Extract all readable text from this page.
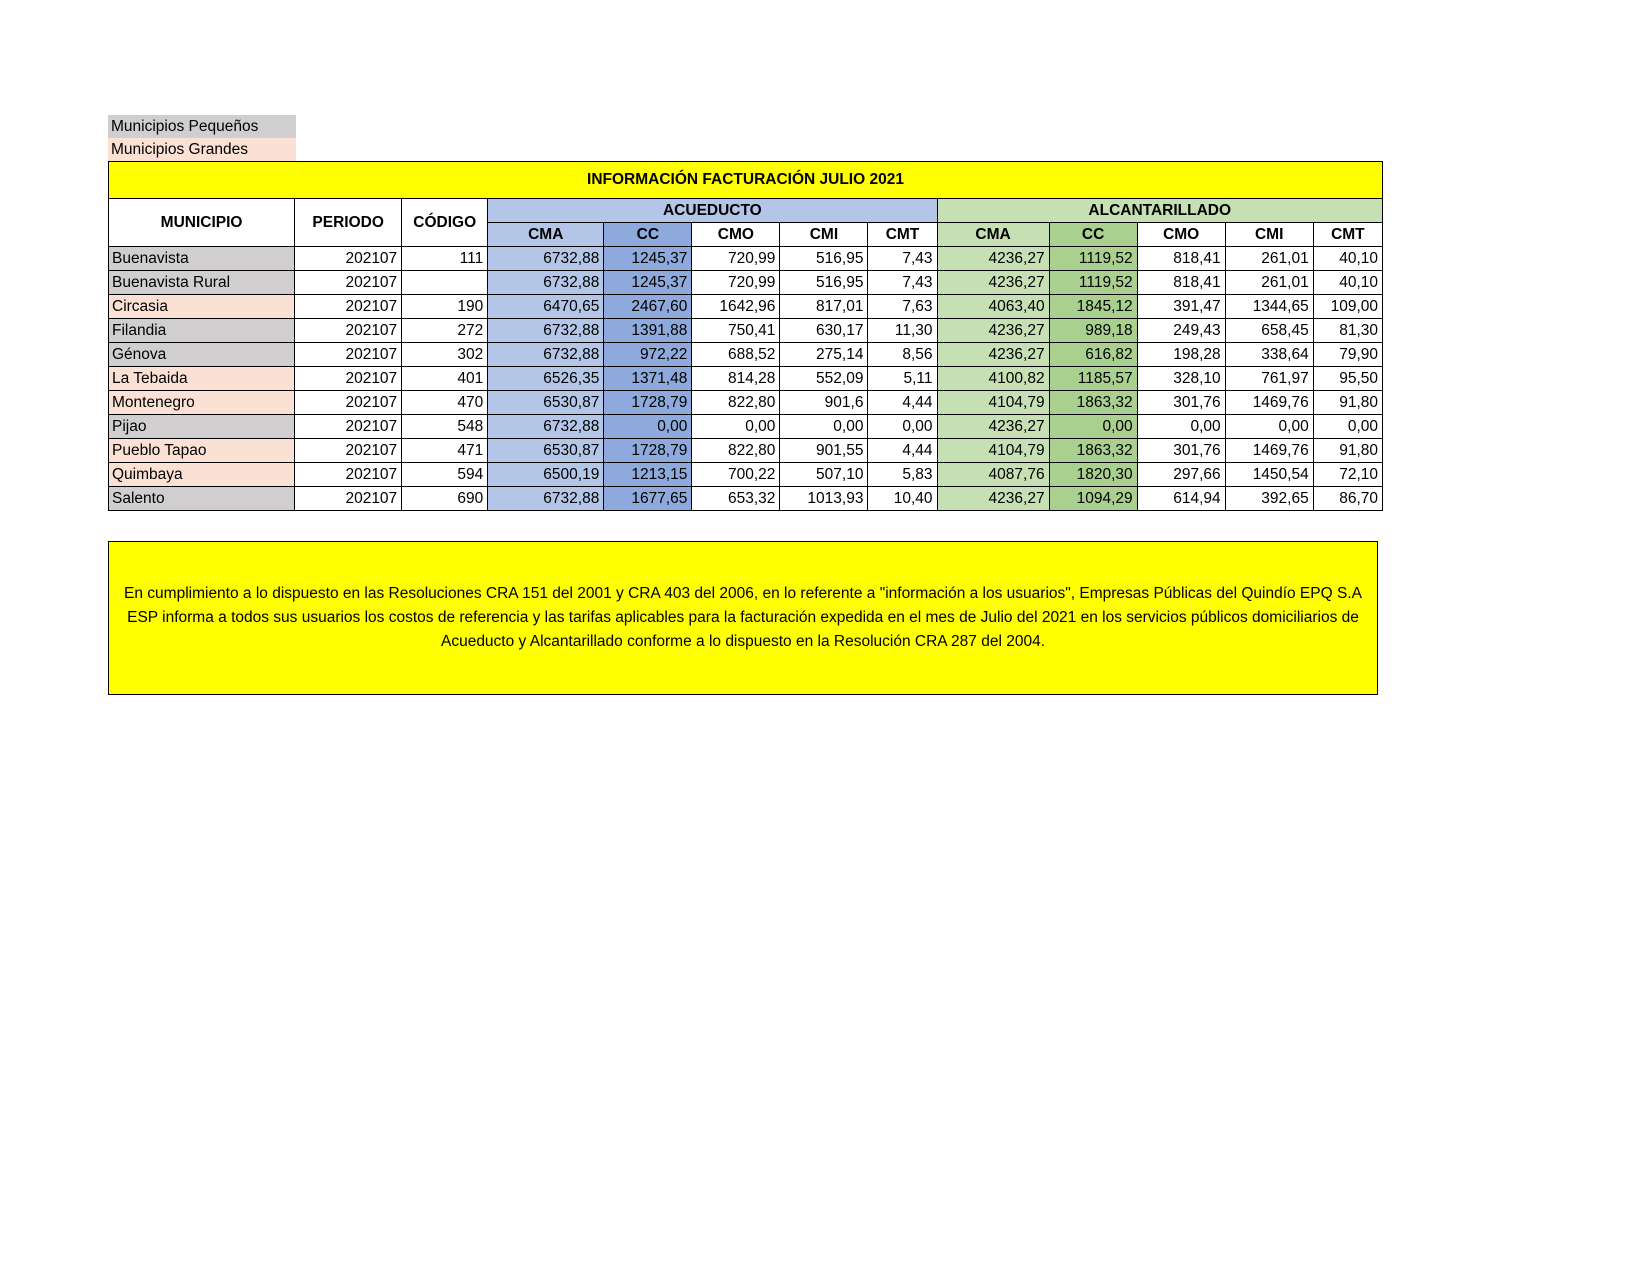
Municipios Pequeños
Municipios Grandes
INFORMACIÓN FACTURACIÓN JULIO 2021												
MUNICIPIO	PERIODO	CÓDIGO	ACUEDUCTO					ALCANTARILLADO				
			CMA	CC	CMO	CMI	CMT	CMA	CC	CMO	CMI	CMT
Buenavista	202107	111	6732,88	1245,37	720,99	516,95	7,43	4236,27	1119,52	818,41	261,01	40,10
Buenavista Rural	202107		6732,88	1245,37	720,99	516,95	7,43	4236,27	1119,52	818,41	261,01	40,10
Circasia	202107	190	6470,65	2467,60	1642,96	817,01	7,63	4063,40	1845,12	391,47	1344,65	109,00
Filandia	202107	272	6732,88	1391,88	750,41	630,17	11,30	4236,27	989,18	249,43	658,45	81,30
Génova	202107	302	6732,88	972,22	688,52	275,14	8,56	4236,27	616,82	198,28	338,64	79,90
La Tebaida	202107	401	6526,35	1371,48	814,28	552,09	5,11	4100,82	1185,57	328,10	761,97	95,50
Montenegro	202107	470	6530,87	1728,79	822,80	901,6	4,44	4104,79	1863,32	301,76	1469,76	91,80
Pijao	202107	548	6732,88	0,00	0,00	0,00	0,00	4236,27	0,00	0,00	0,00	0,00
Pueblo Tapao	202107	471	6530,87	1728,79	822,80	901,55	4,44	4104,79	1863,32	301,76	1469,76	91,80
Quimbaya	202107	594	6500,19	1213,15	700,22	507,10	5,83	4087,76	1820,30	297,66	1450,54	72,10
Salento	202107	690	6732,88	1677,65	653,32	1013,93	10,40	4236,27	1094,29	614,94	392,65	86,70
En cumplimiento a lo dispuesto en las Resoluciones CRA 151 del 2001 y CRA 403 del 2006, en lo referente a "información a los usuarios", Empresas Públicas del Quindío EPQ S.A ESP informa a todos sus usuarios los costos de referencia y las tarifas aplicables para la facturación expedida en el mes de Julio del 2021 en los servicios públicos domiciliarios de Acueducto y Alcantarillado conforme a lo dispuesto en la Resolución CRA 287 del 2004.
